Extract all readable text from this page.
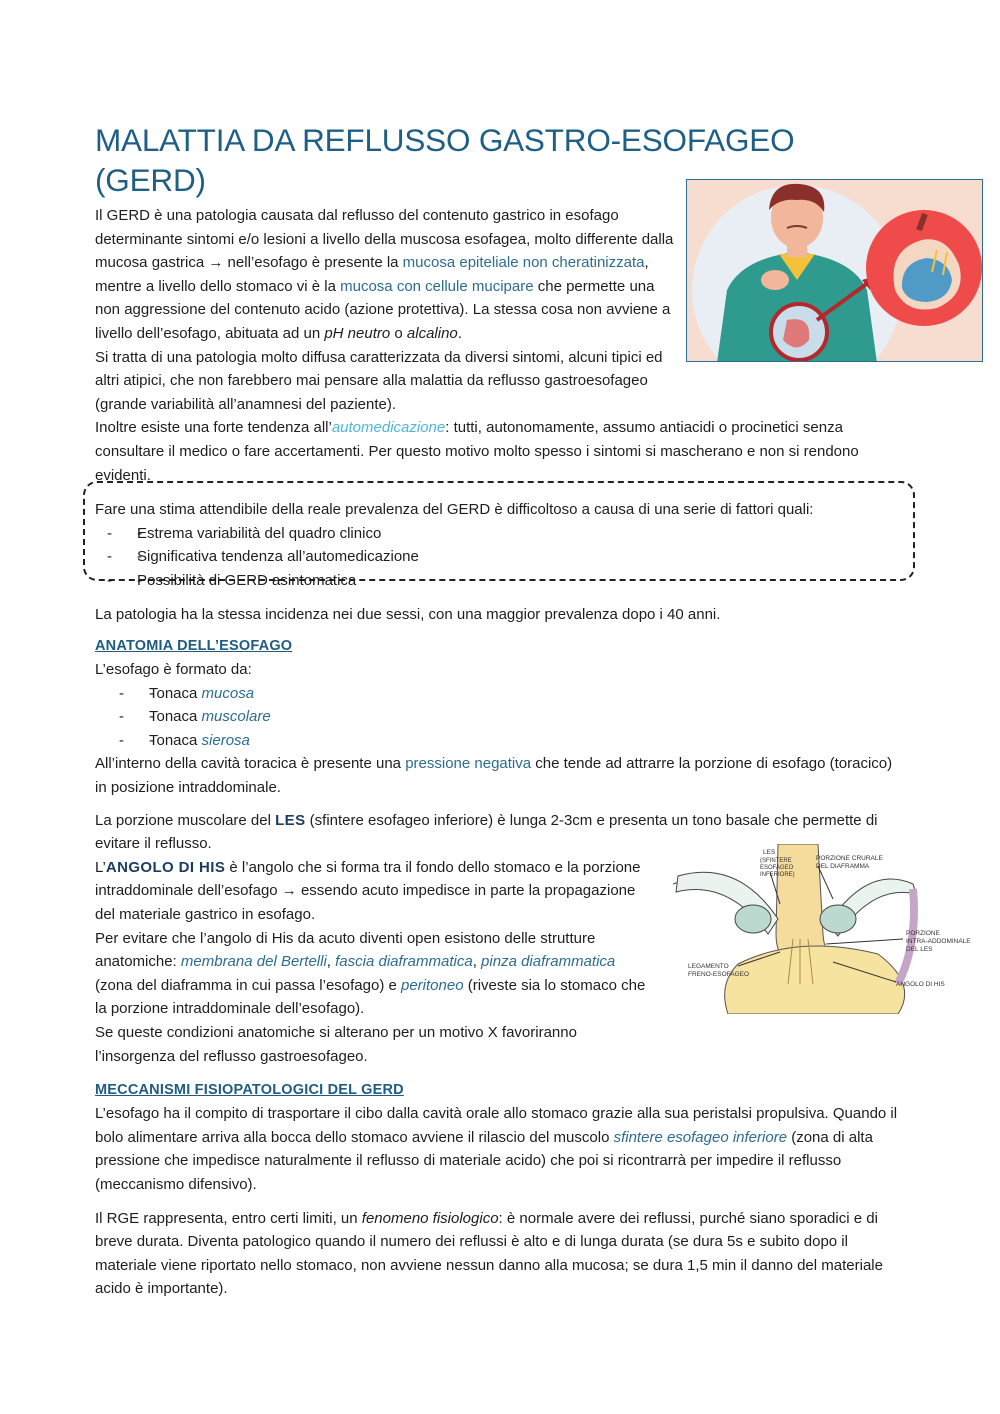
LES
(SFINTERE
ESOFAGEO
INFERIORE)
PORZIONE CRURALE
DEL DIAFRAMMA
PORZIONE
INTRA-ADDOMINALE
DEL LES
LEGAMENTO
FRENO-ESOFAGEO
ANGOLO DI HIS
MALATTIA DA REFLUSSO GASTRO-ESOFAGEO (GERD)

Il GERD è una patologia causata dal reflusso del contenuto gastrico in esofago determinante sintomi e/o lesioni a livello della muscosa esofagea, molto differente dalla mucosa gastrica → nell’esofago è presente la mucosa epiteliale non cheratinizzata, mentre a livello dello stomaco vi è la mucosa con cellule mucipare che permette una non aggressione del contenuto acido (azione protettiva). La stessa cosa non avviene a livello dell’esofago, abituata ad un pH neutro o alcalino.

Si tratta di una patologia molto diffusa caratterizzata da diversi sintomi, alcuni tipici ed altri atipici, che non farebbero mai pensare alla malattia da reflusso gastroesofageo (grande variabilità all’anamnesi del paziente).

Inoltre esiste una forte tendenza all’automedicazione: tutti, autonomamente, assumo antiacidi o procinetici senza consultare il medico o fare accertamenti. Per questo motivo molto spesso i sintomi si mascherano e non si rendono evidenti.

Fare una stima attendibile della reale prevalenza del GERD è difficoltoso a causa di una serie di fattori quali:

- - Estrema variabilità del quadro clinico
- - Significativa tendenza all’automedicazione
- - Possibilità di GERD asintomatica

La patologia ha la stessa incidenza nei due sessi, con una maggior prevalenza dopo i 40 anni.

ANATOMIA DELL’ESOFAGO

L’esofago è formato da:

- - Tonaca mucosa
- - Tonaca muscolare
- - Tonaca sierosa

All’interno della cavità toracica è presente una pressione negativa che tende ad attrarre la porzione di esofago (toracico) in posizione intraddominale.

La porzione muscolare del LES (sfintere esofageo inferiore) è lunga 2-3cm e presenta un tono basale che permette di evitare il reflusso.

L’ANGOLO DI HIS è l’angolo che si forma tra il fondo dello stomaco e la porzione intraddominale dell’esofago → essendo acuto impedisce in parte la propagazione del materiale gastrico in esofago.

Per evitare che l’angolo di His da acuto diventi open esistono delle strutture anatomiche: membrana del Bertelli, fascia diaframmatica, pinza diaframmatica (zona del diaframma in cui passa l’esofago) e peritoneo (riveste sia lo stomaco che la porzione intraddominale dell’esofago).

Se queste condizioni anatomiche si alterano per un motivo X favoriranno l’insorgenza del reflusso gastroesofageo.

MECCANISMI FISIOPATOLOGICI DEL GERD

L’esofago ha il compito di trasportare il cibo dalla cavità orale allo stomaco grazie alla sua peristalsi propulsiva. Quando il bolo alimentare arriva alla bocca dello stomaco avviene il rilascio del muscolo sfintere esofageo inferiore (zona di alta pressione che impedisce naturalmente il reflusso di materiale acido) che poi si ricontrarrà per impedire il reflusso (meccanismo difensivo).

Il RGE rappresenta, entro certi limiti, un fenomeno fisiologico: è normale avere dei reflussi, purché siano sporadici e di breve durata. Diventa patologico quando il numero dei reflussi è alto e di lunga durata (se dura 5s e subito dopo il materiale viene riportato nello stomaco, non avviene nessun danno alla mucosa; se dura 1,5 min il danno del materiale acido è importante).
